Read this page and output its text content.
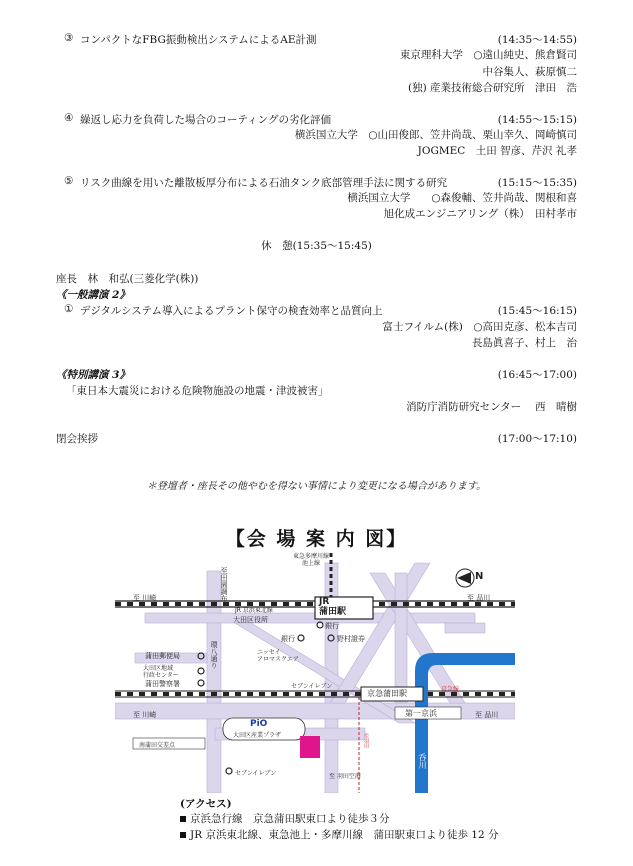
③ コンパクトなFBG振動検出システムによるAE計測	(14:35～14:55)
東京理科大学　○遠山純史、熊倉賢司
中谷集人、萩原慎二
(独) 産業技術総合研究所　津田　浩
④ 繰返し応力を負荷した場合のコーティングの劣化評価	(14:55～15:15)
横浜国立大学　○山田俊郎、笠井尚哉、栗山幸久、岡崎慎司
JOGMEC　土田 智彦、芹沢 礼孝
⑤ リスク曲線を用いた離散板厚分布による石油タンク底部管理手法に関する研究	(15:15～15:35)
横浜国立大学　　○森俊輔、笠井尚哉、関根和喜
旭化成エンジニアリング（株）　田村孝市
休　憩(15:35～15:45)
座長　林　和弘(三菱化学(株))
《一般講演 2》
① デジタルシステム導入によるプラント保守の検査効率と品質向上	(15:45～16:15)
富士フイルム(株)　○高田克彦、松本吉司
長島眞喜子、村上　治
《特別講演 3》	(16:45～17:00)
「東日本大震災における危険物施設の地震・津波被害」
消防庁消防研究センター　 西　晴樹
閉会挨拶	(17:00～17:10)
＊登壇者・座長その他やむを得ない事情により変更になる場合があります。
【会 場 案 内 図】
N
東急多摩川線
池上線
JR
蒲田駅
至 川崎	至 品川
JR 京浜東北線
大田区役所
銀行
銀行	野村證券
ニッセイ
アロマスクエア
蒲田郵便局
大田区地域
行政センター
蒲田警察署
環八通り
セブンイレブン
京急蒲田駅	京急線
第一京浜
至 川崎	至 品川
PiO
大田区産業プラザ
南蒲田交差点
至 羽田空港
至羽田
セブンイレブン
至田園調布
呑川
(アクセス)
京浜急行線　京急蒲田駅東口より徒歩３分
JR 京浜東北線、東急池上・多摩川線　蒲田駅東口より徒歩 12 分
